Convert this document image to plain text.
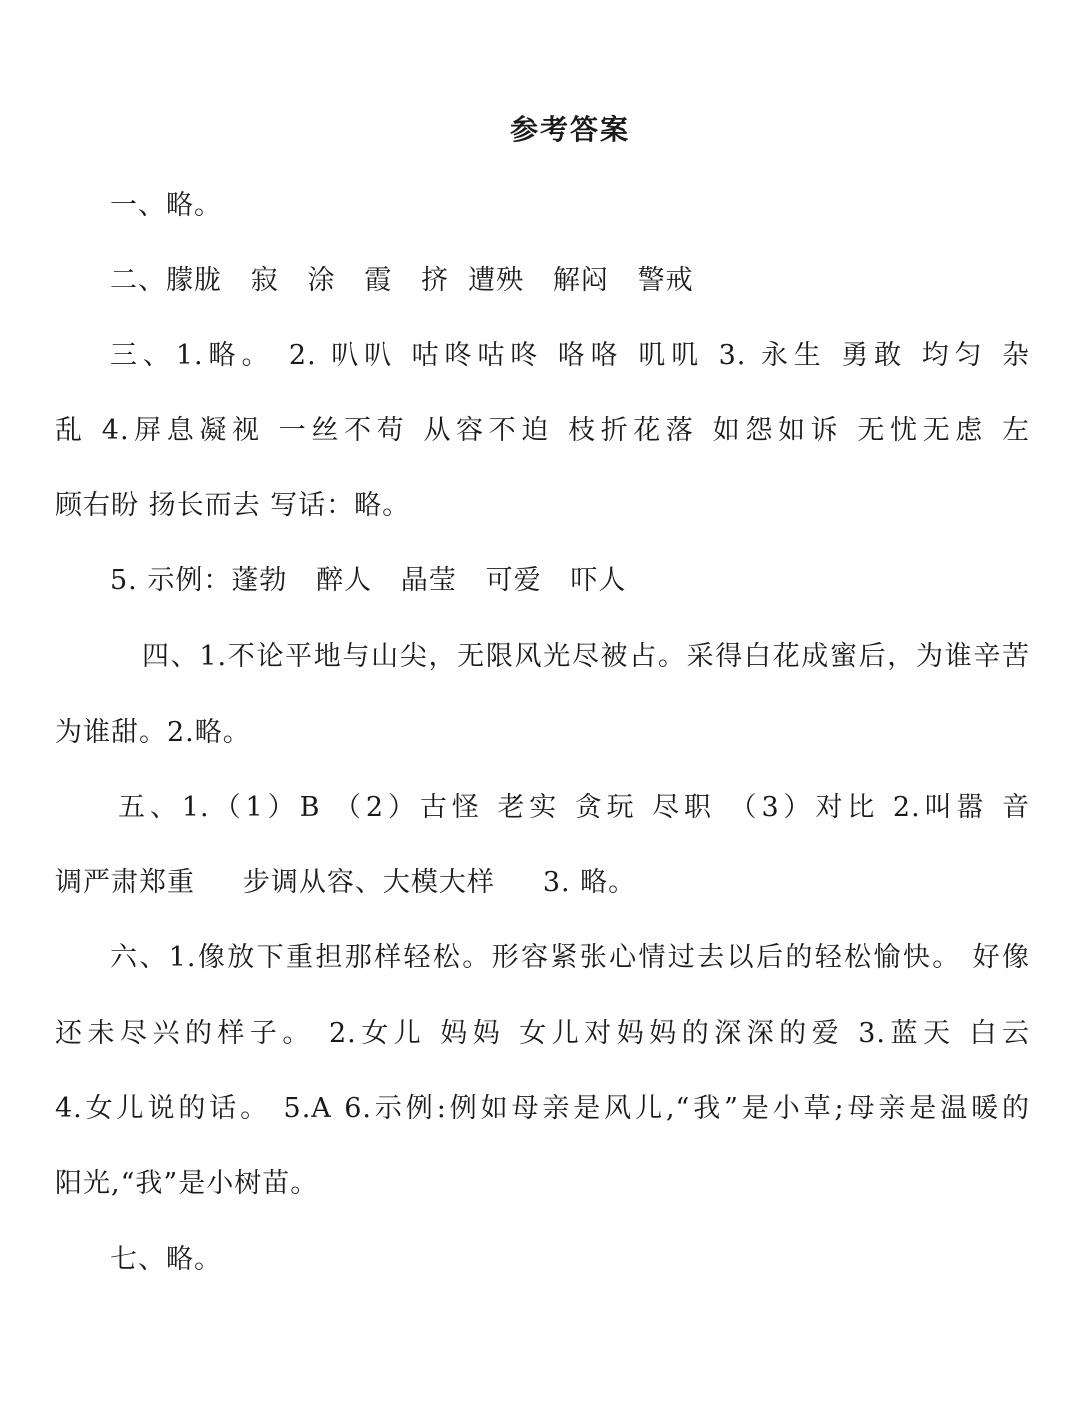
参考答案
一、略。
二、朦胧   寂   涂   霞   挤  遭殃   解闷   警戒
三、1.略。 2. 叭叭 咕咚咕咚 咯咯 叽叽 3. 永生 勇敢 均匀 杂
乱 4.屏息凝视 一丝不苟 从容不迫 枝折花落 如怨如诉 无忧无虑 左
顾右盼 扬长而去 写话：略。
5. 示例：蓬勃   醉人   晶莹   可爱   吓人
四、1.不论平地与山尖，无限风光尽被占。采得白花成蜜后，为谁辛苦
为谁甜。2.略。
五、1.（1）B （2）古怪 老实 贪玩 尽职 （3）对比 2.叫嚣 音
调严肃郑重     步调从容、大模大样     3. 略。
六、1.像放下重担那样轻松。形容紧张心情过去以后的轻松愉快。 好像
还未尽兴的样子。 2.女儿 妈妈 女儿对妈妈的深深的爱 3.蓝天 白云
4.女儿说的话。 5.A 6.示例:例如母亲是风儿,“我”是小草;母亲是温暖的
阳光,“我”是小树苗。
七、略。
